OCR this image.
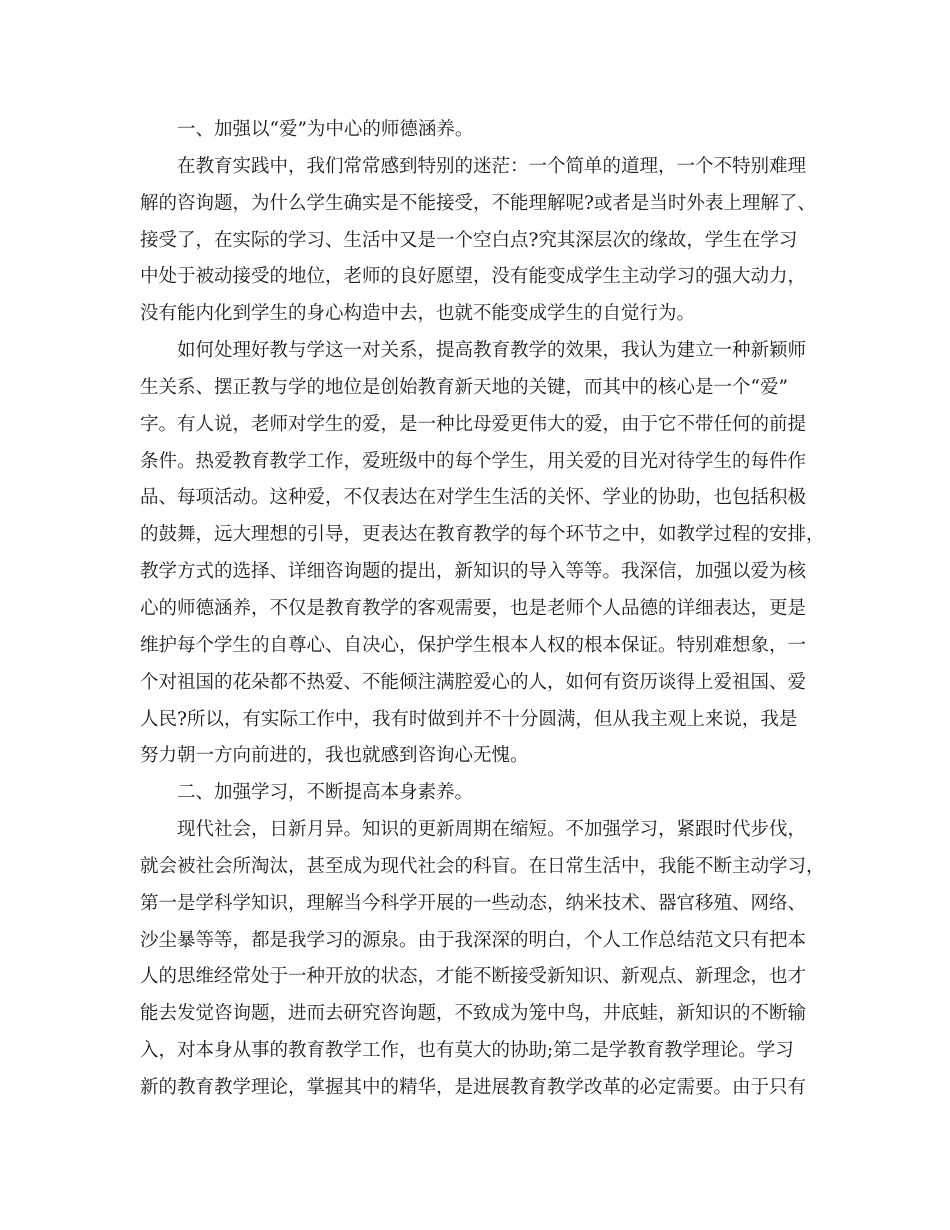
一、加强以“爱”为中心的师德涵养。
在教育实践中，我们常常感到特别的迷茫：一个简单的道理，一个不特别难理
解的咨询题，为什么学生确实是不能接受，不能理解呢?或者是当时外表上理解了、
接受了，在实际的学习、生活中又是一个空白点?究其深层次的缘故，学生在学习
中处于被动接受的地位，老师的良好愿望，没有能变成学生主动学习的强大动力，
没有能内化到学生的身心构造中去，也就不能变成学生的自觉行为。
如何处理好教与学这一对关系，提高教育教学的效果，我认为建立一种新颖师
生关系、摆正教与学的地位是创始教育新天地的关键，而其中的核心是一个“爱”
字。有人说，老师对学生的爱，是一种比母爱更伟大的爱，由于它不带任何的前提
条件。热爱教育教学工作，爱班级中的每个学生，用关爱的目光对待学生的每件作
品、每项活动。这种爱，不仅表达在对学生生活的关怀、学业的协助，也包括积极
的鼓舞，远大理想的引导，更表达在教育教学的每个环节之中，如教学过程的安排，
教学方式的选择、详细咨询题的提出，新知识的导入等等。我深信，加强以爱为核
心的师德涵养，不仅是教育教学的客观需要，也是老师个人品德的详细表达，更是
维护每个学生的自尊心、自决心，保护学生根本人权的根本保证。特别难想象，一
个对祖国的花朵都不热爱、不能倾注满腔爱心的人，如何有资历谈得上爱祖国、爱
人民?所以，有实际工作中，我有时做到并不十分圆满，但从我主观上来说，我是
努力朝一方向前进的，我也就感到咨询心无愧。
二、加强学习，不断提高本身素养。
现代社会，日新月异。知识的更新周期在缩短。不加强学习，紧跟时代步伐，
就会被社会所淘汰，甚至成为现代社会的科盲。在日常生活中，我能不断主动学习，
第一是学科学知识，理解当今科学开展的一些动态，纳米技术、器官移殖、网络、
沙尘暴等等，都是我学习的源泉。由于我深深的明白，个人工作总结范文只有把本
人的思维经常处于一种开放的状态，才能不断接受新知识、新观点、新理念，也才
能去发觉咨询题，进而去研究咨询题，不致成为笼中鸟，井底蛙，新知识的不断输
入，对本身从事的教育教学工作，也有莫大的协助;第二是学教育教学理论。学习
新的教育教学理论，掌握其中的精华，是进展教育教学改革的必定需要。由于只有
